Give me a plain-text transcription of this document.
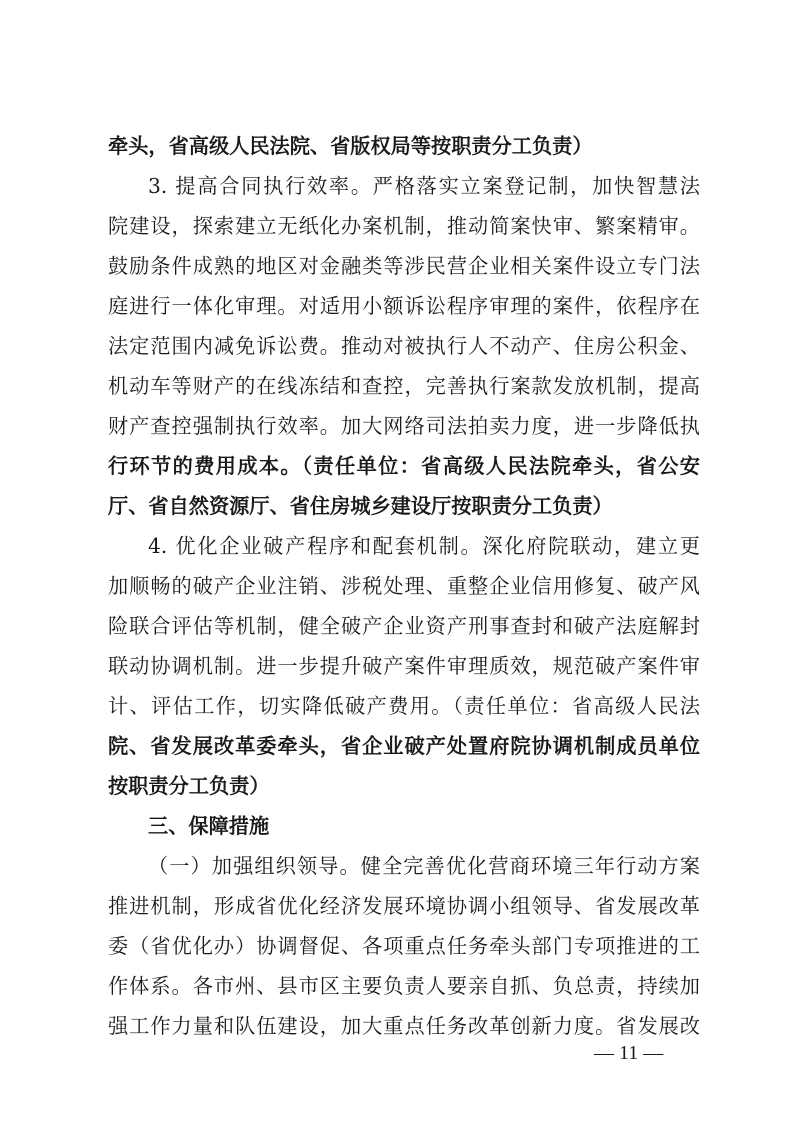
牵头，省高级人民法院、省版权局等按职责分工负责）
3. 提高合同执行效率。严格落实立案登记制，加快智慧法
院建设，探索建立无纸化办案机制，推动简案快审、繁案精审。
鼓励条件成熟的地区对金融类等涉民营企业相关案件设立专门法
庭进行一体化审理。对适用小额诉讼程序审理的案件，依程序在
法定范围内减免诉讼费。推动对被执行人不动产、住房公积金、
机动车等财产的在线冻结和查控，完善执行案款发放机制，提高
财产查控强制执行效率。加大网络司法拍卖力度，进一步降低执
行环节的费用成本。（责任单位：省高级人民法院牵头，省公安
厅、省自然资源厅、省住房城乡建设厅按职责分工负责）
4. 优化企业破产程序和配套机制。深化府院联动，建立更
加顺畅的破产企业注销、涉税处理、重整企业信用修复、破产风
险联合评估等机制，健全破产企业资产刑事查封和破产法庭解封
联动协调机制。进一步提升破产案件审理质效，规范破产案件审
计、评估工作，切实降低破产费用。（责任单位：省高级人民法
院、省发展改革委牵头，省企业破产处置府院协调机制成员单位
按职责分工负责）
三、保障措施
（一）加强组织领导。健全完善优化营商环境三年行动方案
推进机制，形成省优化经济发展环境协调小组领导、省发展改革
委（省优化办）协调督促、各项重点任务牵头部门专项推进的工
作体系。各市州、县市区主要负责人要亲自抓、负总责，持续加
强工作力量和队伍建设，加大重点任务改革创新力度。省发展改
— 11 —
